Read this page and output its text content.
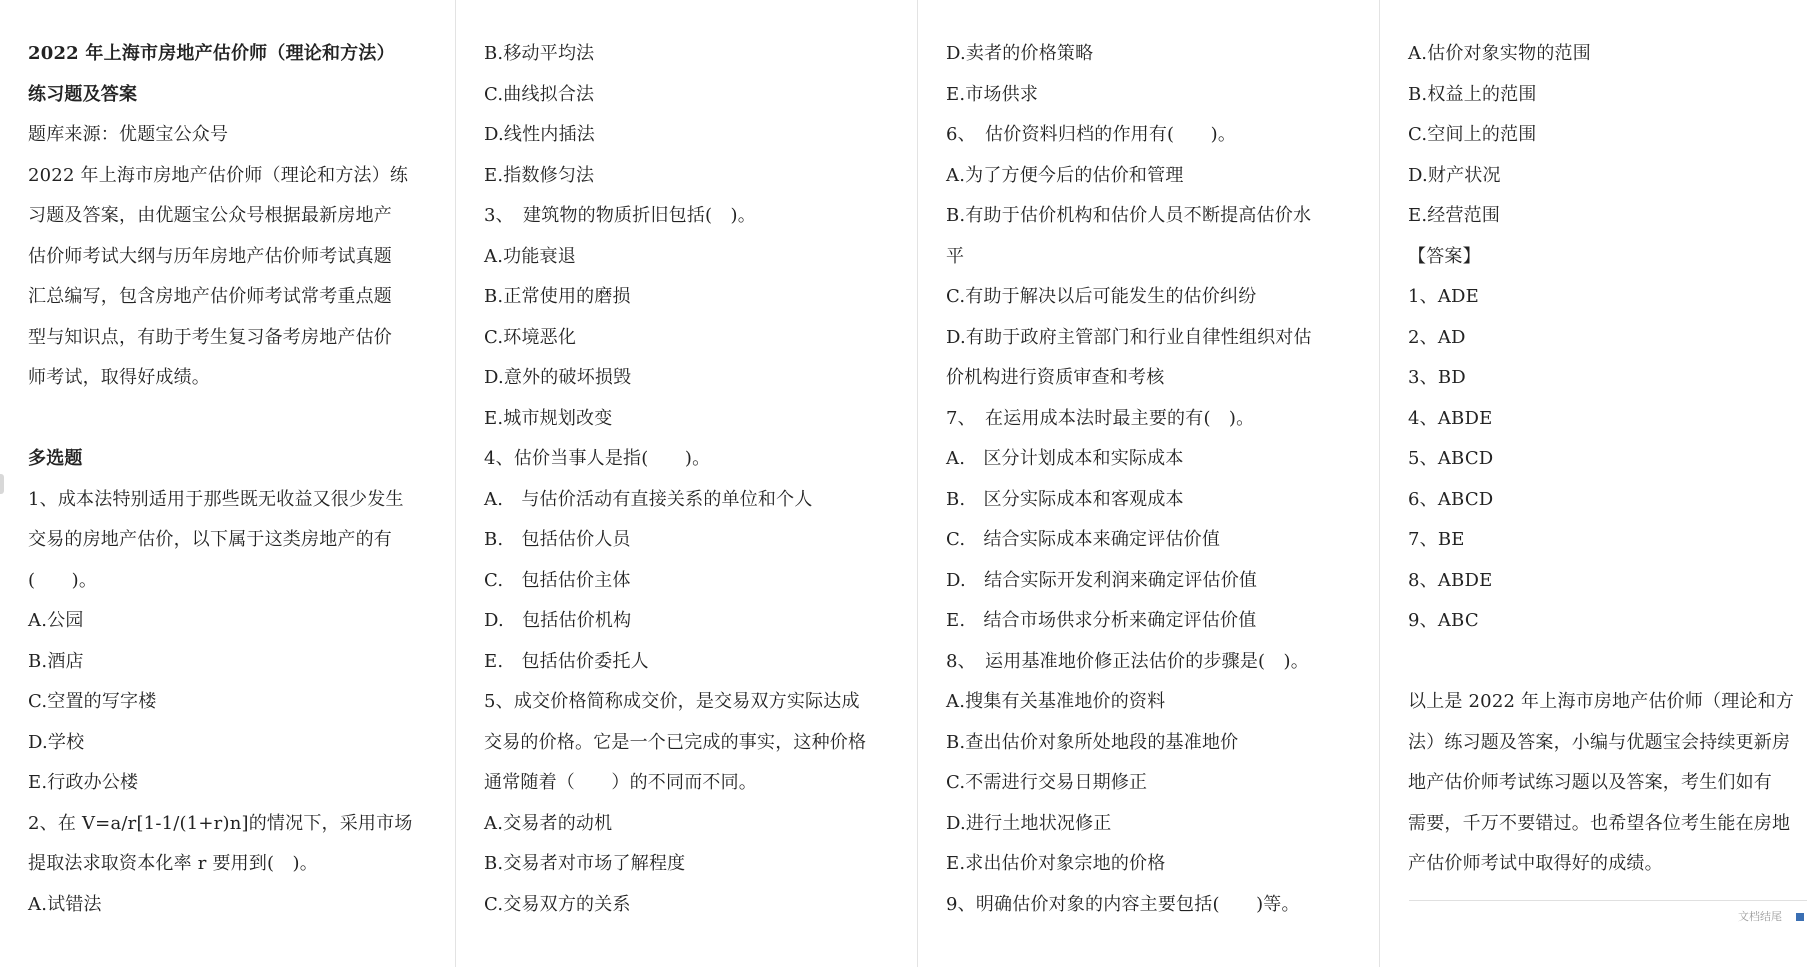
2022 年上海市房地产估价师（理论和方法）
练习题及答案
题库来源：优题宝公众号
2022 年上海市房地产估价师（理论和方法）练
习题及答案，由优题宝公众号根据最新房地产
估价师考试大纲与历年房地产估价师考试真题
汇总编写，包含房地产估价师考试常考重点题
型与知识点，有助于考生复习备考房地产估价
师考试，取得好成绩。
多选题
1、成本法特别适用于那些既无收益又很少发生
交易的房地产估价，以下属于这类房地产的有
(　　)。
A.公园
B.酒店
C.空置的写字楼
D.学校
E.行政办公楼
2、在 V=a/r[1-1/(1+r)n]的情况下，采用市场
提取法求取资本化率 r 要用到(　)。
A.试错法
B.移动平均法
C.曲线拟合法
D.线性内插法
E.指数修匀法
3、　建筑物的物质折旧包括(　)。
A.功能衰退
B.正常使用的磨损
C.环境恶化
D.意外的破坏损毁
E.城市规划改变
4、估价当事人是指(　　)。
A.　与估价活动有直接关系的单位和个人
B.　包括估价人员
C.　包括估价主体
D.　包括估价机构
E.　包括估价委托人
5、成交价格简称成交价，是交易双方实际达成
交易的价格。它是一个已完成的事实，这种价格
通常随着（　　）的不同而不同。
A.交易者的动机
B.交易者对市场了解程度
C.交易双方的关系
D.卖者的价格策略
E.市场供求
6、　估价资料归档的作用有(　　)。
A.为了方便今后的估价和管理
B.有助于估价机构和估价人员不断提高估价水
平
C.有助于解决以后可能发生的估价纠纷
D.有助于政府主管部门和行业自律性组织对估
价机构进行资质审查和考核
7、　在运用成本法时最主要的有(　)。
A.　区分计划成本和实际成本
B.　区分实际成本和客观成本
C.　结合实际成本来确定评估价值
D.　结合实际开发利润来确定评估价值
E.　结合市场供求分析来确定评估价值
8、　运用基准地价修正法估价的步骤是(　)。
A.搜集有关基准地价的资料
B.查出估价对象所处地段的基准地价
C.不需进行交易日期修正
D.进行土地状况修正
E.求出估价对象宗地的价格
9、明确估价对象的内容主要包括(　　)等。
A.估价对象实物的范围
B.权益上的范围
C.空间上的范围
D.财产状况
E.经营范围
【答案】
1、ADE
2、AD
3、BD
4、ABDE
5、ABCD
6、ABCD
7、BE
8、ABDE
9、ABC
以上是 2022 年上海市房地产估价师（理论和方
法）练习题及答案，小编与优题宝会持续更新房
地产估价师考试练习题以及答案，考生们如有
需要，千万不要错过。也希望各位考生能在房地
产估价师考试中取得好的成绩。
文档结尾
